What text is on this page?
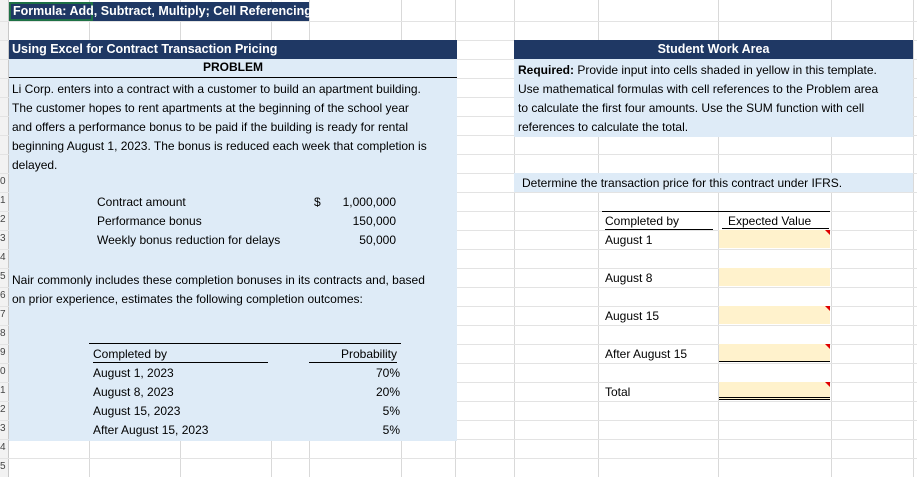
0
1
2
3
4
5
6
7
8
9
0
1
2
3
4
5
Formula: Add, Subtract, Multiply; Cell Referencing
Using Excel for Contract Transaction Pricing
PROBLEM
Li Corp. enters into a contract with a customer to build an apartment building.
The customer hopes to rent apartments at the beginning of the school year
and offers a performance bonus to be paid if the building is ready for rental
beginning August 1, 2023. The bonus is reduced each week that completion is
delayed.
Contract amount	$	1,000,000
Performance bonus	150,000
Weekly bonus reduction for delays	50,000
Nair commonly includes these completion bonuses in its contracts and, based
on prior experience, estimates the following completion outcomes:
Completed by	Probability
August 1, 2023	70%
August 8, 2023	20%
August 15, 2023	5%
After August 15, 2023	5%
Student Work Area
Required: Provide input into cells shaded in yellow in this template.
Use mathematical formulas with cell references to the Problem area
to calculate the first four amounts. Use the SUM function with cell
references to calculate the total.
Determine the transaction price for this contract under IFRS.
Completed by	Expected Value
August 1
August 8
August 15
After August 15
Total
